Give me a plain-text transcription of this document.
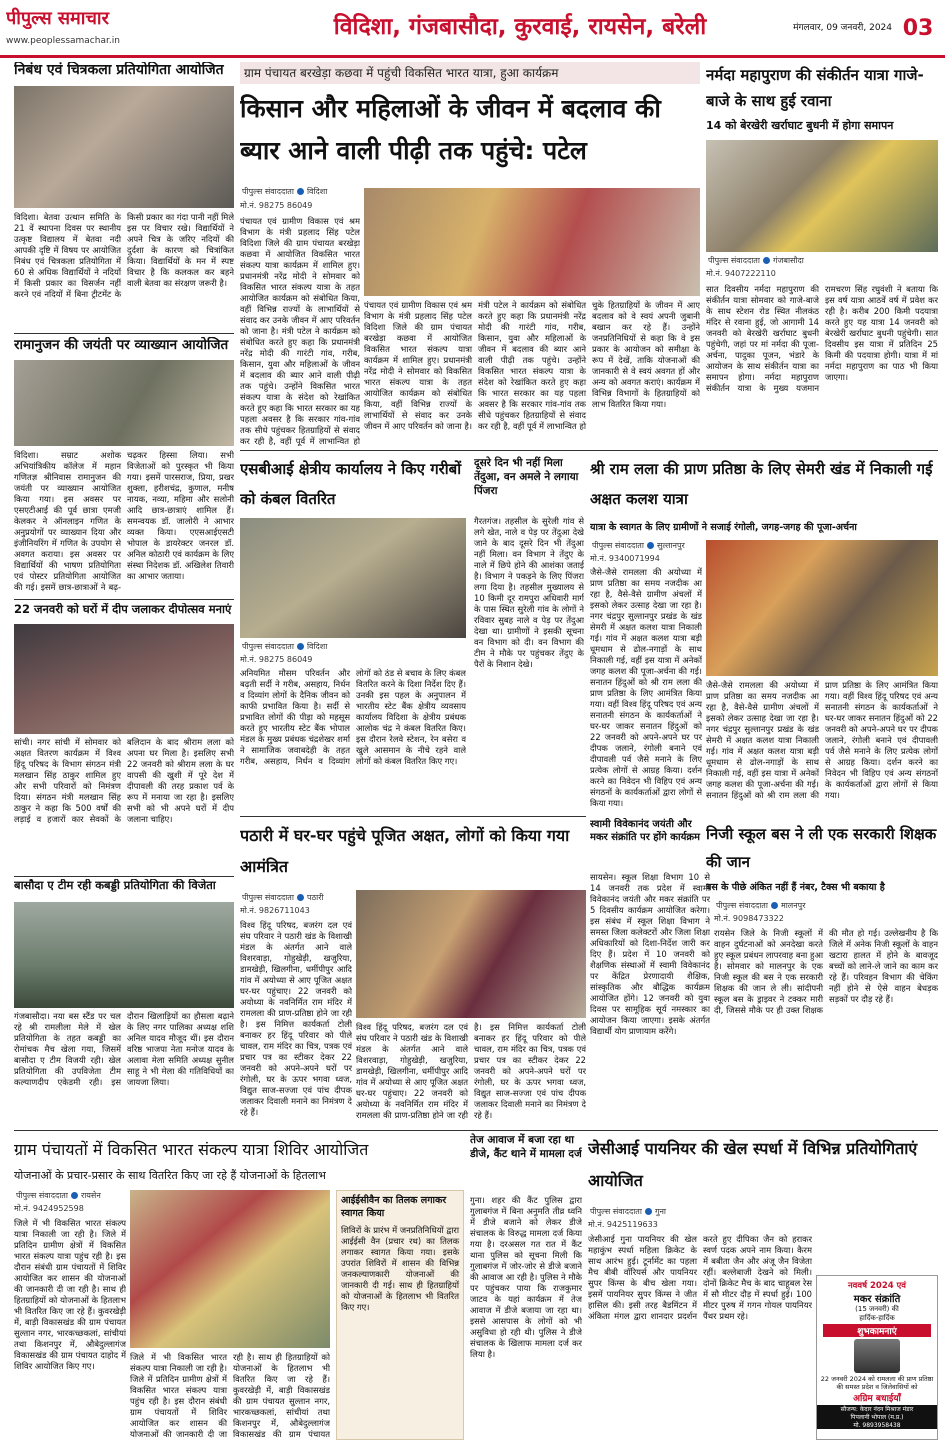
पीपुल्स समाचार
www.peoplessamachar.in
विदिशा, गंजबासौदा, कुरवाई, रायसेन, बरेली	मंगलवार, 09 जनवरी, 2024 03
निबंध एवं चित्रकला प्रतियोगिता आयोजित
विदिशा। बेतवा उत्थान समिति के 21 वें स्थापना दिवस पर स्थानीय उत्कृष्ट विद्यालय में बेतवा नदी आपकी दृष्टि में विषय पर आयोजित निबंध एवं चित्रकला प्रतियोगिता में 60 से अधिक विद्यार्थियों ने नदियों में किसी प्रकार का विसर्जन नहीं करने एवं नदियों में बिना ट्रीटमेंट के किसी प्रकार का गंदा पानी नहीं मिले इस पर विचार रखे। विद्यार्थियों ने अपने चित्र के जरिए नदियों की दुर्दशा के कारण को चित्रांकित किया। विद्यार्थियों के मन में स्पष्ट विचार है कि कलकल कर बहने वाली बेतवा का संरक्षण जरूरी है।
रामानुजन की जयंती पर व्याख्यान आयोजित
विदिशा। सम्राट अशोक अभियांत्रिकीय कॉलेज में महान गणितज्ञ श्रीनिवास रामानुजन की जयंती पर व्याख्यान आयोजित किया गया। इस अवसर पर एसएटीआई की पूर्व छात्रा एमजी केलकर ने ऑनलाइन गणित के अनुप्रयोगों पर व्याख्यान दिया और इंजीनियरिंग में गणित के उपयोग से अवगत कराया। इस अवसर पर विद्यार्थियों की भाषण प्रतियोगिता एवं पोस्टर प्रतियोगिता आयोजित की गई। इसमें छात्र-छात्राओं ने बढ़-चढ़कर हिस्सा लिया। सभी विजेताओं को पुरस्कृत भी किया गया। इसमें पारसराज, प्रिया, प्रखर शुक्ला, हरीशचंद्र, कुणाल, मनीष नायक, नव्या, महिमा और सलोनी आदि छात्र-छात्राएं शामिल हैं। समन्वयक डॉ. जालोरी ने आभार व्यक्त किया। एएसआईएसटी भोपाल के डायरेक्टर जनरल डॉ. अनिल कोठारी एवं कार्यक्रम के लिए संस्था निदेशक डॉ. अखिलेश तिवारी का आभार जताया।
22 जनवरी को घरों में दीप जलाकर दीपोत्सव मनाएं
सांची। नगर सांची में सोमवार को अक्षत वितरण कार्यक्रम में विश्व हिंदू परिषद के विभाग संगठन मंत्री मलखान सिंह ठाकुर शामिल हुए और सभी परिवारों को निमंत्रण दिया। संगठन मंत्री मलखान सिंह ठाकुर ने कहा कि 500 वर्षों की लड़ाई व हजारों कार सेवकों के बलिदान के बाद श्रीराम लला को अपना घर मिला है। इसलिए सभी 22 जनवरी को श्रीराम लला के घर वापसी की खुशी में पूरे देश में दीपावली की तरह प्रकाश पर्व के रूप में मनाया जा रहा है। इसलिए सभी को भी अपने घरों में दीप जलाना चाहिए।
बासौदा ए टीम रही कबड्डी प्रतियोगिता की विजेता
गंजबासौदा। नया बस स्टैंड पर चल रहे श्री रामलीला मेले में खेल प्रतियोगिता के तहत कबड्डी का रोमांचक मैच खेला गया, जिसमें बासौदा ए टीम विजयी रही। खेल प्रतियोगिता की उपविजेता टीम कल्याणदीप एकेडमी रही। इस दौरान खिलाड़ियों का हौसला बढ़ाने के लिए नगर पालिका अध्यक्ष शशि अनिल यादव मौजूद थीं। इस दौरान वरिष्ठ भाजपा नेता मनोज यादव के अलावा मेला समिति अध्यक्ष सुनील साहू ने भी मेला की गतिविधियों का जायजा लिया।
ग्राम पंचायत बरखेड़ा कछवा में पहुंची विकसित भारत यात्रा, हुआ कार्यक्रम
किसान और महिलाओं के जीवन में बदलाव की ब्यार आने वाली पीढ़ी तक पहुंचे: पटेल
पीपुल्स संवाददाता विदिशा
मो.नं. 98275 86049
पंचायत एवं ग्रामीण विकास एवं श्रम विभाग के मंत्री प्रहलाद सिंह पटेल विदिशा जिले की ग्राम पंचायत बरखेड़ा कछवा में आयोजित विकसित भारत संकल्प यात्रा कार्यक्रम में शामिल हुए। प्रधानमंत्री नरेंद्र मोदी ने सोमवार को विकसित भारत संकल्प यात्रा के तहत आयोजित कार्यक्रम को संबोधित किया, वहीं विभिन्न राज्यों के लाभार्थियों से संवाद कर उनके जीवन में आए परिवर्तन को जाना है। मंत्री पटेल ने कार्यक्रम को संबोधित करते हुए कहा कि प्रधानमंत्री नरेंद्र मोदी की गारंटी गांव, गरीब, किसान, युवा और महिलाओं के जीवन में बदलाव की ब्यार आने वाली पीढ़ी तक पहुंचे। उन्होंने विकसित भारत संकल्प यात्रा के संदेश को रेखांकित करते हुए कहा कि भारत सरकार का यह पहला अवसर है कि सरकार गांव-गांव तक सीधे पहुंचकर हितग्राहियों से संवाद कर रही है, वहीं पूर्व में लाभान्वित हो
पंचायत एवं ग्रामीण विकास एवं श्रम विभाग के मंत्री प्रहलाद सिंह पटेल विदिशा जिले की ग्राम पंचायत बरखेड़ा कछवा में आयोजित विकसित भारत संकल्प यात्रा कार्यक्रम में शामिल हुए। प्रधानमंत्री नरेंद्र मोदी ने सोमवार को विकसित भारत संकल्प यात्रा के तहत आयोजित कार्यक्रम को संबोधित किया, वहीं विभिन्न राज्यों के लाभार्थियों से संवाद कर उनके जीवन में आए परिवर्तन को जाना है। मंत्री पटेल ने कार्यक्रम को संबोधित करते हुए कहा कि प्रधानमंत्री नरेंद्र मोदी की गारंटी गांव, गरीब, किसान, युवा और महिलाओं के जीवन में बदलाव की ब्यार आने वाली पीढ़ी तक पहुंचे। उन्होंने विकसित भारत संकल्प यात्रा के संदेश को रेखांकित करते हुए कहा कि भारत सरकार का यह पहला अवसर है कि सरकार गांव-गांव तक सीधे पहुंचकर हितग्राहियों से संवाद कर रही है, वहीं पूर्व में लाभान्वित हो चुके हितग्राहियों के जीवन में आए बदलाव को वे स्वयं अपनी जुबानी बखान कर रहे हैं। उन्होंने जनप्रतिनिधियों से कहा कि वे इस प्रकार के आयोजन को समीक्षा के रूप में देखें, ताकि योजनाओं की जानकारी से वे स्वयं अवगत हों और अन्य को अवगत कराएं। कार्यक्रम में विभिन्न विभागों के हितग्राहियों को लाभ वितरित किया गया।
नर्मदा महापुराण की संकीर्तन यात्रा गाजे-बाजे के साथ हुई रवाना
14 को बेरखेरी खर्राघाट बुधनी में होगा समापन
पीपुल्स संवाददाता गंजबासौदा
मो.नं. 9407222110
सात दिवसीय नर्मदा महापुराण की संकीर्तन यात्रा सोमवार को गाजे-बाजे के साथ स्टेशन रोड स्थित नीलकंठ मंदिर से रवाना हुई, जो आगामी 14 जनवरी को बेरखेरी खर्राघाट बुधनी पहुंचेगी, जहां पर मां नर्मदा की पूजा-अर्चना, पादुका पूजन, भंडारे के आयोजन के साथ संकीर्तन यात्रा का समापन होगा। नर्मदा महापुराण संकीर्तन यात्रा के मुख्य यजमान रामचरण सिंह रघुवंशी ने बताया कि इस वर्ष यात्रा आठवें वर्ष में प्रवेश कर रही है। करीब 200 किमी पदयात्रा करते हुए यह यात्रा 14 जनवरी को बेरखेरी खर्राघाट बुधनी पहुंचेगी। सात दिवसीय इस यात्रा में प्रतिदिन 25 किमी की पदयात्रा होगी। यात्रा में मां नर्मदा महापुराण का पाठ भी किया जाएगा।
एसबीआई क्षेत्रीय कार्यालय ने किए गरीबों को कंबल वितरित
पीपुल्स संवाददाता विदिशा
मो.नं. 98275 86049
अनियमित मौसम परिवर्तन और बढ़ती सर्दी ने गरीब, असहाय, निर्धन व दिव्यांग लोगों के दैनिक जीवन को काफी प्रभावित किया है। सर्दी से प्रभावित लोगों की पीड़ा को महसूस करते हुए भारतीय स्टेट बैंक भोपाल मंडल के मुख्य प्रबंधक चंद्रशेखर शर्मा ने सामाजिक जवाबदेही के तहत गरीब, असहाय, निर्धन व दिव्यांग लोगों को ठंड से बचाव के लिए कंबल वितरित करने के दिशा निर्देश दिए हैं। उनकी इस पहल के अनुपालन में भारतीय स्टेट बैंक क्षेत्रीय व्यवसाय कार्यालय विदिशा के क्षेत्रीय प्रबंधक आलोक चंद्र ने कंबल वितरित किए। इस दौरान रेलवे स्टेशन, रेन बसेरा व खुले आसमान के नीचे रहने वाले लोगों को कंबल वितरित किए गए।
दूसरे दिन भी नहीं मिला तेंदुआ, वन अमले ने लगाया पिंजरा
गैरतगंज। तहसील के सुरेली गांव से लगे खेत, नाले व पेड़ पर तेंदुआ देखे जाने के बाद दूसरे दिन भी तेंदुआ नहीं मिला। वन विभाग ने तेंदुए के नाले में छिपे होने की आशंका जताई है। विभाग ने पकड़ने के लिए पिंजरा लगा दिया है। तहसील मुख्यालय से 10 किमी दूर रामपुरा अधिवारी मार्ग के पास स्थित सुरेली गांव के लोगों ने रविवार सुबह नाले व पेड़ पर तेंदुआ देखा था। ग्रामीणों ने इसकी सूचना वन विभाग को दी। वन विभाग की टीम ने मौके पर पहुंचकर तेंदुए के पैरों के निशान देखे।
श्री राम लला की प्राण प्रतिष्ठा के लिए सेमरी खंड में निकाली गई अक्षत कलश यात्रा
यात्रा के स्वागत के लिए ग्रामीणों ने सजाई रंगोली, जगह-जगह की पूजा-अर्चना
पीपुल्स संवाददाता सुल्तानपुर
मो.नं. 9340071994
जैसे-जैसे रामलला की अयोध्या में प्राण प्रतिष्ठा का समय नजदीक आ रहा है, वैसे-वैसे ग्रामीण अंचलों में इसको लेकर उत्साह देखा जा रहा है। नगर चंद्रपुर सुल्तानपुर प्रखंड के खंड सेमरी में अक्षत कलश यात्रा निकाली गई। गांव में अक्षत कलश यात्रा बड़ी धूमधाम से ढोल-नगाड़ों के साथ निकाली गई, वहीं इस यात्रा में अनेकों जगह कलश की पूजा-अर्चना की गई। सनातन हिंदुओं को श्री राम लला की प्राण प्रतिष्ठा के लिए आमंत्रित किया गया। वहीं विश्व हिंदू परिषद एवं अन्य सनातनी संगठन के कार्यकर्ताओं ने घर-घर जाकर सनातन हिंदुओं को 22 जनवरी को अपने-अपने घर पर दीपक जलाने, रंगोली बनाने एवं दीपावली पर्व जैसे मनाने के लिए प्रत्येक लोगों से आग्रह किया। दर्शन करने का निवेदन भी विहिप एवं अन्य संगठनों के कार्यकर्ताओं द्वारा लोगों से किया गया।
जैसे-जैसे रामलला की अयोध्या में प्राण प्रतिष्ठा का समय नजदीक आ रहा है, वैसे-वैसे ग्रामीण अंचलों में इसको लेकर उत्साह देखा जा रहा है। नगर चंद्रपुर सुल्तानपुर प्रखंड के खंड सेमरी में अक्षत कलश यात्रा निकाली गई। गांव में अक्षत कलश यात्रा बड़ी धूमधाम से ढोल-नगाड़ों के साथ निकाली गई, वहीं इस यात्रा में अनेकों जगह कलश की पूजा-अर्चना की गई। सनातन हिंदुओं को श्री राम लला की प्राण प्रतिष्ठा के लिए आमंत्रित किया गया। वहीं विश्व हिंदू परिषद एवं अन्य सनातनी संगठन के कार्यकर्ताओं ने घर-घर जाकर सनातन हिंदुओं को 22 जनवरी को अपने-अपने घर पर दीपक जलाने, रंगोली बनाने एवं दीपावली पर्व जैसे मनाने के लिए प्रत्येक लोगों से आग्रह किया। दर्शन करने का निवेदन भी विहिप एवं अन्य संगठनों के कार्यकर्ताओं द्वारा लोगों से किया गया।
पठारी में घर-घर पहुंचे पूजित अक्षत, लोगों को किया गया आमंत्रित
पीपुल्स संवाददाता पठारी
मो.नं. 9826711043
विश्व हिंदू परिषद, बजरंग दल एवं संघ परिवार ने पठारी खंड के विशाखी मंडल के अंतर्गत आने वाले विशरवाड़ा, गोहुखेड़ी, खजुरिया, डामखेड़ी, खिलगीना, धर्मीपीपुर आदि गांव में अयोध्या से आए पूजित अक्षत घर-घर पहुंचाए। 22 जनवरी को अयोध्या के नवनिर्मित राम मंदिर में रामलला की प्राण-प्रतिष्ठा होने जा रही है। इस निमित्त कार्यकर्ता टोली बनाकर हर हिंदू परिवार को पीले चावल, राम मंदिर का चित्र, पत्रक एवं प्रचार पत्र का स्टीकर देकर 22 जनवरी को अपने-अपने घरों पर रंगोली, घर के ऊपर भगवा ध्वज, विद्युत साज-सज्जा एवं पांच दीपक जलाकर दिवाली मनाने का निमंत्रण दे रहे हैं।
विश्व हिंदू परिषद, बजरंग दल एवं संघ परिवार ने पठारी खंड के विशाखी मंडल के अंतर्गत आने वाले विशरवाड़ा, गोहुखेड़ी, खजुरिया, डामखेड़ी, खिलगीना, धर्मीपीपुर आदि गांव में अयोध्या से आए पूजित अक्षत घर-घर पहुंचाए। 22 जनवरी को अयोध्या के नवनिर्मित राम मंदिर में रामलला की प्राण-प्रतिष्ठा होने जा रही है। इस निमित्त कार्यकर्ता टोली बनाकर हर हिंदू परिवार को पीले चावल, राम मंदिर का चित्र, पत्रक एवं प्रचार पत्र का स्टीकर देकर 22 जनवरी को अपने-अपने घरों पर रंगोली, घर के ऊपर भगवा ध्वज, विद्युत साज-सज्जा एवं पांच दीपक जलाकर दिवाली मनाने का निमंत्रण दे रहे हैं।
स्वामी विवेकानंद जयंती और मकर संक्रांति पर होंगे कार्यक्रम
सायसेन। स्कूल शिक्षा विभाग 10 से 14 जनवरी तक प्रदेश में स्वामी विवेकानंद जयंती और मकर संक्रांति पर 5 दिवसीय कार्यक्रम आयोजित करेगा। इस संबंध में स्कूल शिक्षा विभाग ने समस्त जिला कलेक्टरों और जिला शिक्षा अधिकारियों को दिशा-निर्देश जारी कर दिए हैं। प्रदेश में 10 जनवरी को शैक्षणिक संस्थाओं में स्वामी विवेकानंद पर केंद्रित प्रेरणादायी शैक्षिक, सांस्कृतिक और बौद्धिक कार्यक्रम आयोजित होंगे। 12 जनवरी को युवा दिवस पर सामूहिक सूर्य नमस्कार का आयोजन किया जाएगा। इसके अंतर्गत विद्यार्थी योग प्राणायाम करेंगे।
निजी स्कूल बस ने ली एक सरकारी शिक्षक की जान
बस के पीछे अंकित नहीं हैं नंबर, टैक्स भी बकाया है
पीपुल्स संवाददाता मालनपुर
मो.नं. 9098473322
रायसेन जिले के निजी स्कूलों में वाहन दुर्घटनाओं को अनदेखा करते हुए स्कूल प्रबंधन लापरवाह बना हुआ है। सोमवार को मालनपुर के एक निजी स्कूल की बस ने एक सरकारी शिक्षक की जान ले ली। सांदीपनी स्कूल बस के ड्राइवर ने टक्कर मारी दी, जिससे मौके पर ही उक्त शिक्षक की मौत हो गई। उल्लेखनीय है कि जिले में अनेक निजी स्कूलों के वाहन खटारा हालत में होने के बावजूद बच्चों को लाने-ले जाने का काम कर रहे हैं। परिवहन विभाग की चेकिंग नहीं होने से ऐसे वाहन बेधड़क सड़कों पर दौड़ रहे हैं।
ग्राम पंचायतों में विकसित भारत संकल्प यात्रा शिविर आयोजित
योजनाओं के प्रचार-प्रसार के साथ वितरित किए जा रहे हैं योजनाओं के हितलाभ
पीपुल्स संवाददाता रायसेन
मो.नं. 9424952598
जिले में भी विकसित भारत संकल्प यात्रा निकाली जा रही है। जिले में प्रतिदिन ग्रामीण क्षेत्रों में विकसित भारत संकल्प यात्रा पहुंच रही है। इस दौरान संबंधी ग्राम पंचायतों में शिविर आयोजित कर शासन की योजनाओं की जानकारी दी जा रही है। साथ ही हितग्राहियों को योजनाओं के हितलाभ भी वितरित किए जा रहे हैं। कुवरखेड़ी में, बाड़ी विकासखंड की ग्राम पंचायत सुल्तान नगर, भारकच्छकलां, सांचीयां तथा किशनपुर में, औबेदुल्लागंज विकासखंड की ग्राम पंचायत दाहोद में शिविर आयोजित किए गए।
जिले में भी विकसित भारत संकल्प यात्रा निकाली जा रही है। जिले में प्रतिदिन ग्रामीण क्षेत्रों में विकसित भारत संकल्प यात्रा पहुंच रही है। इस दौरान संबंधी ग्राम पंचायतों में शिविर आयोजित कर शासन की योजनाओं की जानकारी दी जा रही है। साथ ही हितग्राहियों को योजनाओं के हितलाभ भी वितरित किए जा रहे हैं। कुवरखेड़ी में, बाड़ी विकासखंड की ग्राम पंचायत सुल्तान नगर, भारकच्छकलां, सांचीयां तथा किशनपुर में, औबेदुल्लागंज विकासखंड की ग्राम पंचायत
आईईसीवैन का तिलक लगाकर स्वागत किया
शिविरों के प्रारंभ में जनप्रतिनिधियों द्वारा आईईसी वैन (प्रचार रथ) का तिलक लगाकर स्वागत किया गया। इसके उपरांत शिविरों में शासन की विभिन्न जनकल्याणकारी योजनाओं की जानकारी दी गई। साथ ही हितग्राहियों को योजनाओं के हितलाभ भी वितरित किए गए।
तेज आवाज में बजा रहा था डीजे, कैंट थाने में मामला दर्ज
गुना। शहर की कैंट पुलिस द्वारा गुलाबगंज में बिना अनुमति तीव्र ध्वनि में डीजे बजाने को लेकर डीजे संचालक के विरुद्ध मामला दर्ज किया गया है। दरअसल गत रात में कैंट थाना पुलिस को सूचना मिली कि गुलाबगंज में जोर-जोर से डीजे बजाने की आवाज आ रही है। पुलिस ने मौके पर पहुंचकर पाया कि राजकुमार जाटव के यहां कार्यक्रम में तेज आवाज में डीजे बजाया जा रहा था। इससे आसपास के लोगों को भी असुविधा हो रही थी। पुलिस ने डीजे संचालक के खिलाफ मामला दर्ज कर लिया है।
जेसीआई पायनियर की खेल स्पर्धा में विभिन्न प्रतियोगिताएं आयोजित
पीपुल्स संवाददाता गुना
मो.नं. 9425119633
जेसीआई गुना पायनियर की खेल महाकुंभ स्पर्धा महिला क्रिकेट के साथ आरंभ हुई। टूर्नामेंट का पहला मैच बीबी वॉरियर्स और पायनियर सुपर किंग्स के बीच खेला गया। इसमें पायनियर सुपर किंग्स ने जीत हासिल की। इसी तरह बैडमिंटन में अंकिता मंगल द्वारा शानदार प्रदर्शन करते हुए दीपिका जैन को हराकर स्वर्ण पदक अपने नाम किया। कैरम में बबीता जैन और अंजू जैन विजेता रहीं। बल्लेबाजी देखने को मिली। दोनों क्रिकेट मैच के बाद चाहूबल रेस में सौ मीटर दौड़ में स्पर्धा हुई। 100 मीटर पुरुष में गगन गोयल पायनियर पैंथर प्रथम रहे।
नववर्ष 2024 एवं
मकर संक्रांति
(15 जनवरी) की
हार्दिक-हार्दिक
शुभकामनाएं
22 जनवरी 2024 को रामलला की प्राण प्रतिष्ठा की समस्त प्रदेश व जिलेवासियों को
अग्रिम बधाईयाँ
सौजन्य: केदार नंदन मिश्राज मंडार
पिपलानी भोपाल (म.प्र.)
मो. 9893958438
